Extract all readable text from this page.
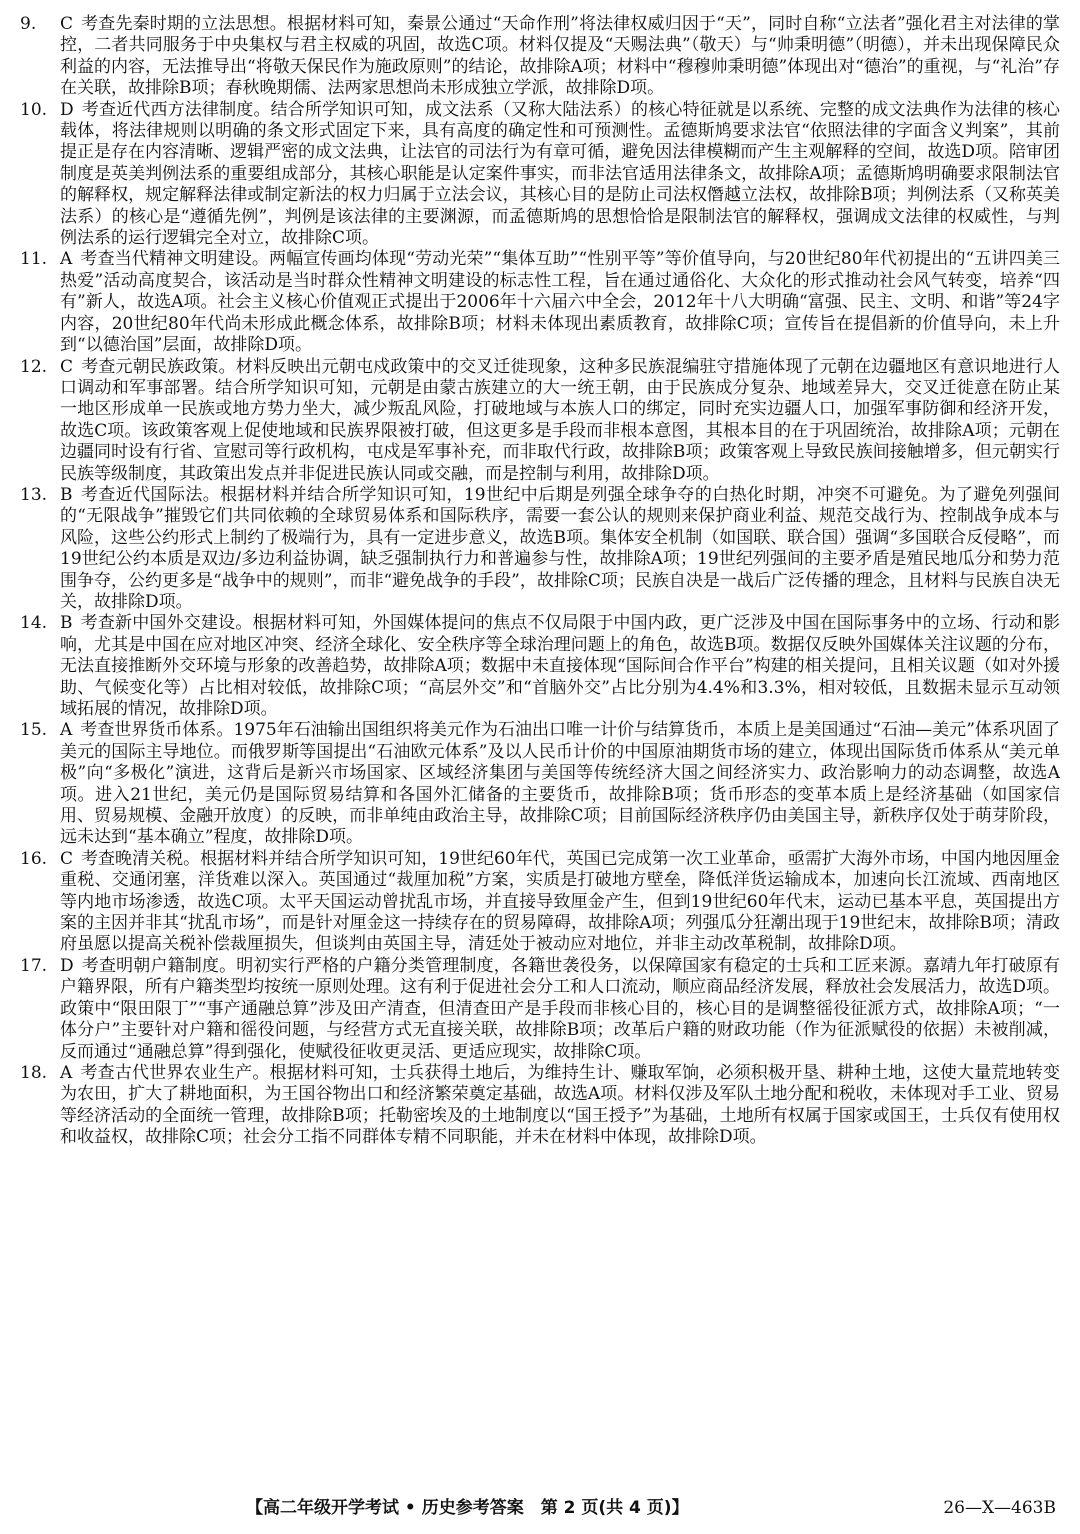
9. C 考查先秦时期的立法思想。根据材料可知，秦景公通过“天命作刑”将法律权威归因于“天”，同时自称“立法者”强化君主对法律的掌控，二者共同服务于中央集权与君主权威的巩固，故选C项。材料仅提及“天赐法典”（敬天）与“帅秉明德”（明德），并未出现保障民众利益的内容，无法推导出“将敬天保民作为施政原则”的结论，故排除A项；材料中“穆穆帅秉明德”体现出对“德治”的重视，与“礼治”存在关联，故排除B项；春秋晚期儒、法两家思想尚未形成独立学派，故排除D项。

10. D 考查近代西方法律制度。结合所学知识可知，成文法系（又称大陆法系）的核心特征就是以系统、完整的成文法典作为法律的核心载体，将法律规则以明确的条文形式固定下来，具有高度的确定性和可预测性。孟德斯鸠要求法官“依照法律的字面含义判案”，其前提正是存在内容清晰、逻辑严密的成文法典，让法官的司法行为有章可循，避免因法律模糊而产生主观解释的空间，故选D项。陪审团制度是英美判例法系的重要组成部分，其核心职能是认定案件事实，而非法官适用法律条文，故排除A项；孟德斯鸠明确要求限制法官的解释权，规定解释法律或制定新法的权力归属于立法会议，其核心目的是防止司法权僭越立法权，故排除B项；判例法系（又称英美法系）的核心是“遵循先例”，判例是该法律的主要渊源，而孟德斯鸠的思想恰恰是限制法官的解释权，强调成文法律的权威性，与判例法系的运行逻辑完全对立，故排除C项。

11. A 考查当代精神文明建设。两幅宣传画均体现“劳动光荣”“集体互助”“性别平等”等价值导向，与20世纪80年代初提出的“五讲四美三热爱”活动高度契合，该活动是当时群众性精神文明建设的标志性工程，旨在通过通俗化、大众化的形式推动社会风气转变，培养“四有”新人，故选A项。社会主义核心价值观正式提出于2006年十六届六中全会，2012年十八大明确“富强、民主、文明、和谐”等24字内容，20世纪80年代尚未形成此概念体系，故排除B项；材料未体现出素质教育，故排除C项；宣传旨在提倡新的价值导向，未上升到“以德治国”层面，故排除D项。

12. C 考查元朝民族政策。材料反映出元朝屯戍政策中的交叉迁徙现象，这种多民族混编驻守措施体现了元朝在边疆地区有意识地进行人口调动和军事部署。结合所学知识可知，元朝是由蒙古族建立的大一统王朝，由于民族成分复杂、地域差异大，交叉迁徙意在防止某一地区形成单一民族或地方势力坐大，减少叛乱风险，打破地域与本族人口的绑定，同时充实边疆人口，加强军事防御和经济开发，故选C项。该政策客观上促使地域和民族界限被打破，但这更多是手段而非根本意图，其根本目的在于巩固统治，故排除A项；元朝在边疆同时设有行省、宣慰司等行政机构，屯戍是军事补充，而非取代行政，故排除B项；政策客观上导致民族间接触增多，但元朝实行民族等级制度，其政策出发点并非促进民族认同或交融，而是控制与利用，故排除D项。

13. B 考查近代国际法。根据材料并结合所学知识可知，19世纪中后期是列强全球争夺的白热化时期，冲突不可避免。为了避免列强间的“无限战争”摧毁它们共同依赖的全球贸易体系和国际秩序，需要一套公认的规则来保护商业利益、规范交战行为、控制战争成本与风险，这些公约形式上制约了极端行为，具有一定进步意义，故选B项。集体安全机制（如国联、联合国）强调“多国联合反侵略”，而19世纪公约本质是双边/多边利益协调，缺乏强制执行力和普遍参与性，故排除A项；19世纪列强间的主要矛盾是殖民地瓜分和势力范围争夺，公约更多是“战争中的规则”，而非“避免战争的手段”，故排除C项；民族自决是一战后广泛传播的理念，且材料与民族自决无关，故排除D项。

14. B 考查新中国外交建设。根据材料可知，外国媒体提问的焦点不仅局限于中国内政，更广泛涉及中国在国际事务中的立场、行动和影响，尤其是中国在应对地区冲突、经济全球化、安全秩序等全球治理问题上的角色，故选B项。数据仅反映外国媒体关注议题的分布，无法直接推断外交环境与形象的改善趋势，故排除A项；数据中未直接体现“国际间合作平台”构建的相关提问，且相关议题（如对外援助、气候变化等）占比相对较低，故排除C项；“高层外交”和“首脑外交”占比分别为4.4%和3.3%，相对较低，且数据未显示互动领域拓展的情况，故排除D项。

15. A 考查世界货币体系。1975年石油输出国组织将美元作为石油出口唯一计价与结算货币，本质上是美国通过“石油—美元”体系巩固了美元的国际主导地位。而俄罗斯等国提出“石油欧元体系”及以人民币计价的中国原油期货市场的建立，体现出国际货币体系从“美元单极”向“多极化”演进，这背后是新兴市场国家、区域经济集团与美国等传统经济大国之间经济实力、政治影响力的动态调整，故选A项。进入21世纪，美元仍是国际贸易结算和各国外汇储备的主要货币，故排除B项；货币形态的变革本质上是经济基础（如国家信用、贸易规模、金融开放度）的反映，而非单纯由政治主导，故排除C项；目前国际经济秩序仍由美国主导，新秩序仅处于萌芽阶段，远未达到“基本确立”程度，故排除D项。

16. C 考查晚清关税。根据材料并结合所学知识可知，19世纪60年代，英国已完成第一次工业革命，亟需扩大海外市场，中国内地因厘金重税、交通闭塞，洋货难以深入。英国通过“裁厘加税”方案，实质是打破地方壁垒，降低洋货运输成本，加速向长江流域、西南地区等内地市场渗透，故选C项。太平天国运动曾扰乱市场，并直接导致厘金产生，但到19世纪60年代末，运动已基本平息，英国提出方案的主因并非其“扰乱市场”，而是针对厘金这一持续存在的贸易障碍，故排除A项；列强瓜分狂潮出现于19世纪末，故排除B项；清政府虽愿以提高关税补偿裁厘损失，但谈判由英国主导，清廷处于被动应对地位，并非主动改革税制，故排除D项。

17. D 考查明朝户籍制度。明初实行严格的户籍分类管理制度，各籍世袭役务，以保障国家有稳定的士兵和工匠来源。嘉靖九年打破原有户籍界限，所有户籍类型均按统一原则处理。这有利于促进社会分工和人口流动，顺应商品经济发展，释放社会发展活力，故选D项。政策中“限田限丁”“事产通融总算”涉及田产清查，但清查田产是手段而非核心目的，核心目的是调整徭役征派方式，故排除A项；“一体分户”主要针对户籍和徭役问题，与经营方式无直接关联，故排除B项；改革后户籍的财政功能（作为征派赋役的依据）未被削减，反而通过“通融总算”得到强化，使赋役征收更灵活、更适应现实，故排除C项。

18. A 考查古代世界农业生产。根据材料可知，士兵获得土地后，为维持生计、赚取军饷，必须积极开垦、耕种土地，这使大量荒地转变为农田，扩大了耕地面积，为王国谷物出口和经济繁荣奠定基础，故选A项。材料仅涉及军队土地分配和税收，未体现对手工业、贸易等经济活动的全面统一管理，故排除B项；托勒密埃及的土地制度以“国王授予”为基础，土地所有权属于国家或国王，士兵仅有使用权和收益权，故排除C项；社会分工指不同群体专精不同职能，并未在材料中体现，故排除D项。

【高二年级开学考试 • 历史参考答案　第 2 页(共 4 页)】	26—X—463B
